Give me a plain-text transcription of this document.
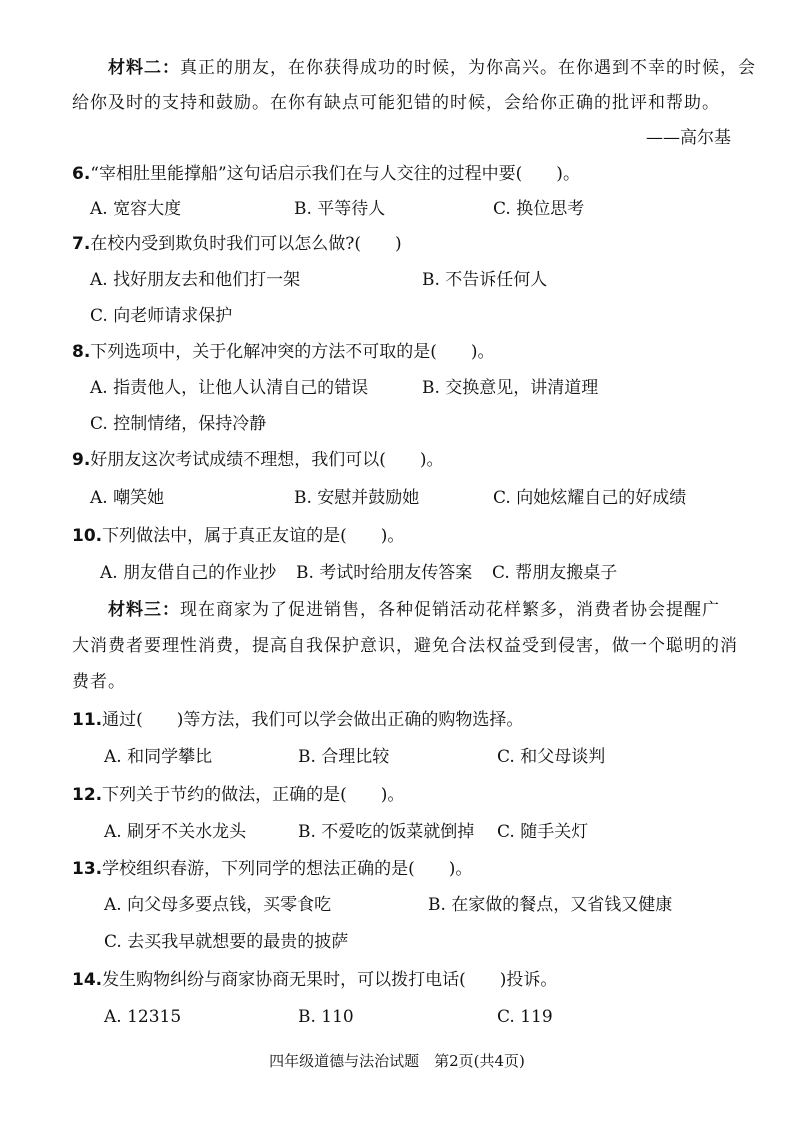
材料二：真正的朋友，在你获得成功的时候，为你高兴。在你遇到不幸的时候，会
给你及时的支持和鼓励。在你有缺点可能犯错的时候，会给你正确的批评和帮助。
——高尔基
6.“宰相肚里能撑船”这句话启示我们在与人交往的过程中要(　　)。
A. 宽容大度	B. 平等待人	C. 换位思考
7.在校内受到欺负时我们可以怎么做?(　　)
A. 找好朋友去和他们打一架	B. 不告诉任何人
C. 向老师请求保护
8.下列选项中，关于化解冲突的方法不可取的是(　　)。
A. 指责他人，让他人认清自己的错误	B. 交换意见，讲清道理
C. 控制情绪，保持冷静
9.好朋友这次考试成绩不理想，我们可以(　　)。
A. 嘲笑她	B. 安慰并鼓励她	C. 向她炫耀自己的好成绩
10.下列做法中，属于真正友谊的是(　　)。
A. 朋友借自己的作业抄 B. 考试时给朋友传答案 C. 帮朋友搬桌子
材料三：现在商家为了促进销售，各种促销活动花样繁多，消费者协会提醒广
大消费者要理性消费，提高自我保护意识，避免合法权益受到侵害，做一个聪明的消
费者。
11.通过(　　)等方法，我们可以学会做出正确的购物选择。
A. 和同学攀比	B. 合理比较	C. 和父母谈判
12.下列关于节约的做法，正确的是(　　)。
A. 刷牙不关水龙头	B. 不爱吃的饭菜就倒掉 C. 随手关灯
13.学校组织春游，下列同学的想法正确的是(　　)。
A. 向父母多要点钱，买零食吃	B. 在家做的餐点，又省钱又健康
C. 去买我早就想要的最贵的披萨
14.发生购物纠纷与商家协商无果时，可以拨打电话(　　)投诉。
A. 12315	B. 110	C. 119
四年级道德与法治试题　第2页(共4页)
